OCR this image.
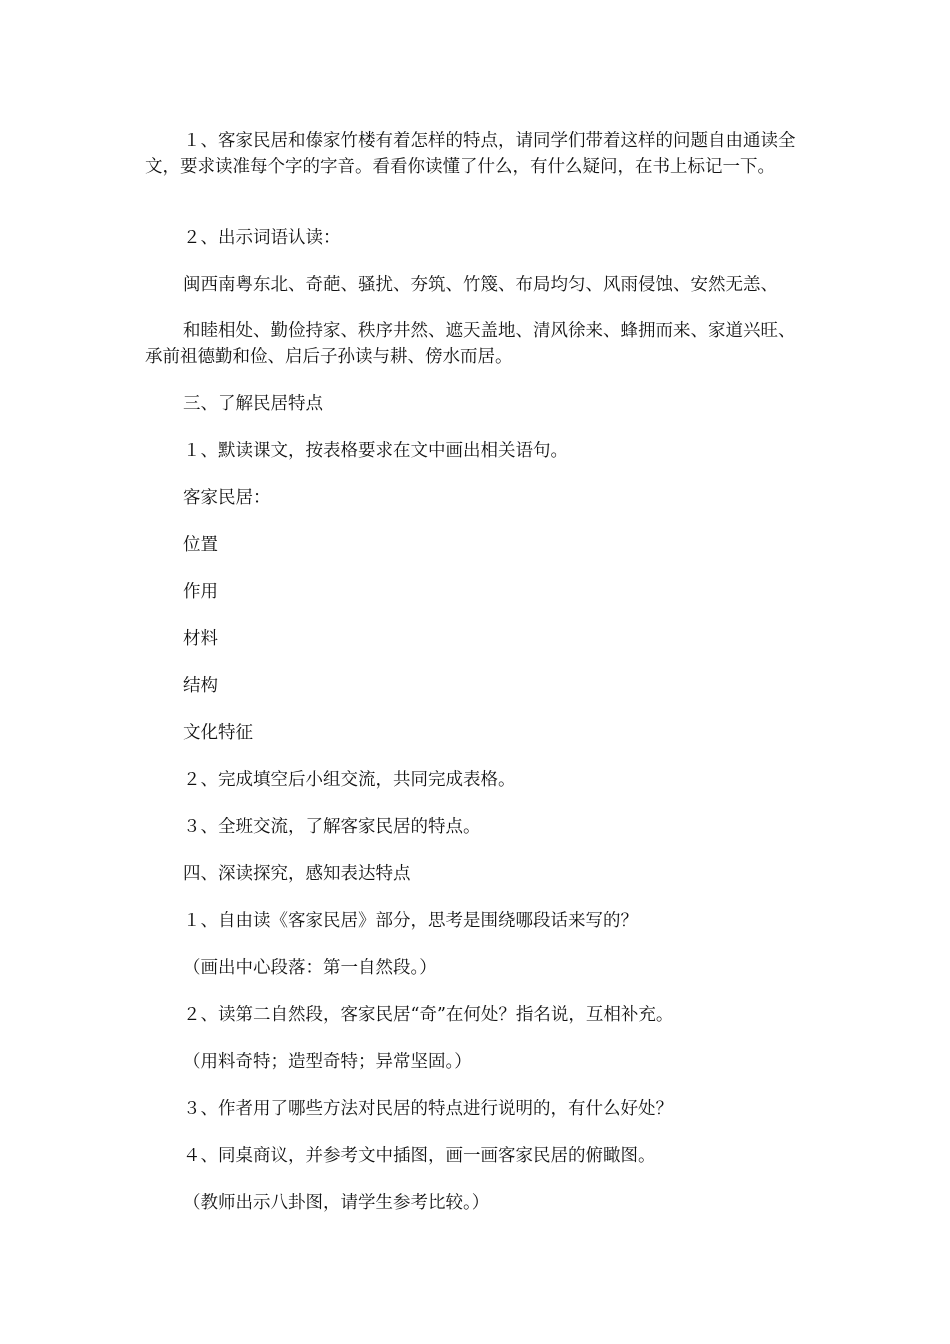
１、客家民居和傣家竹楼有着怎样的特点，请同学们带着这样的问题自由通读全文，要求读准每个字的字音。看看你读懂了什么，有什么疑问，在书上标记一下。

２、出示词语认读：

闽西南粤东北、奇葩、骚扰、夯筑、竹篾、布局均匀、风雨侵蚀、安然无恙、

和睦相处、勤俭持家、秩序井然、遮天盖地、清风徐来、蜂拥而来、家道兴旺、承前祖德勤和俭、启后子孙读与耕、傍水而居。

三、了解民居特点

１、默读课文，按表格要求在文中画出相关语句。

客家民居：

位置

作用

材料

结构

文化特征

２、完成填空后小组交流，共同完成表格。

３、全班交流，了解客家民居的特点。

四、深读探究，感知表达特点

１、自由读《客家民居》部分，思考是围绕哪段话来写的？

（画出中心段落：第一自然段。）

２、读第二自然段，客家民居“奇”在何处？指名说，互相补充。

（用料奇特；造型奇特；异常坚固。）

３、作者用了哪些方法对民居的特点进行说明的，有什么好处？

４、同桌商议，并参考文中插图，画一画客家民居的俯瞰图。

（教师出示八卦图，请学生参考比较。）
